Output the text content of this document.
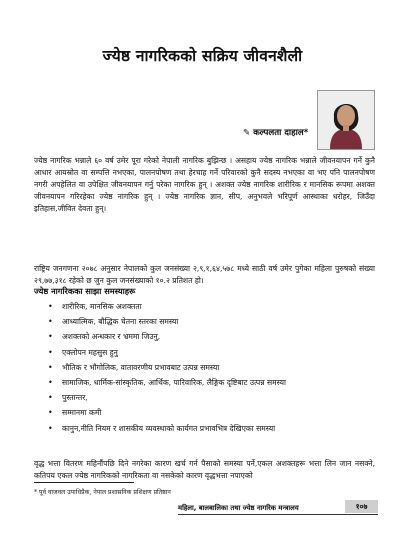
ज्येष्ठ नागरिकको सक्रिय जीवनशैली
✎ कल्पलता दाहाल*

ज्येष्ठ नागरिक भन्नाले ६० वर्ष उमेर पूरा गरेको नेपाली नागरिक बुझिन्छ । असहाय ज्येष्ठ नागरिक भन्नाले जीवनयापन गर्ने कुनै आधार आयस्रोत वा सम्पत्ति नभएका, पालनपोषण तथा हेरचाह गर्ने परिवारको कुनै सदस्य नभएका वा भए पनि पालनपोषण नगरी अपहेलित वा उपेक्षित जीवनयापन गर्नु परेका नागरिक हुन् । अशक्त ज्येष्ठ नागरिक शारीरिक र मानसिक रूपमा अशक्त जीवनयापन गरिरहेका ज्येष्ठ नागरिक हुन् । ज्येष्ठ नागरिक ज्ञान, सीप, अनुभवले भरिपूर्ण आस्थाका धरोहर, जिउँदा इतिहास,जीवित देवता हुन्।

राष्ट्रिय जनगणना २०७८ अनुसार नेपालको कुल जनसंख्या २,९,१,६४,५७८ मध्ये साठी वर्ष उमेर पुगेका महिला पुरुषको संख्या २९,७७,३१८ रहेको छ जुन कुल जनसंख्याको १०.२ प्रतिशत हो।

ज्येष्ठ नागरिकका साझा समस्याहरू
• शारीरिक, मानसिक अशक्तता
• आध्यात्मिक, बौद्धिक चेतना स्तरका समस्या
• अशक्तको अन्धकार र भ्रममा जिउनु,
• एक्लोपन महसुस हुनु
• भौतिक र भौगोलिक, वातावरणीय प्रभावबाट उत्पन्न समस्या
• सामाजिक, धार्मिक-सांस्कृतिक, आर्थिक, पारिवारिक, लैङ्गिक दृष्टिबाट उत्पन्न समस्या
• पुस्तान्तर,
• सम्मानमा कमी
• कानुन,नीति नियम र शासकीय व्यवस्थाको कार्यगत प्रभावभित्र देखिएका समस्या

वृद्ध भत्ता वितरण महिनौंपछि दिने नगरेका कारण खर्च गर्न पैसाको समस्या पर्ने,एकल अशक्तहरू भत्ता लिन जान नसक्ने, कतिपय एकल ज्येष्ठ नागरिकको नागरिकता वा नसकेको कारण वृद्धभत्ता नपाएको

* पूर्व वाजवल उपाधिप्रैक, नेपाल प्रशासनिक प्रशिक्षण प्रतिष्ठान
महिला, बालबालिका तथा ज्येष्ठ नागरिक मन्त्रालय	१०७
